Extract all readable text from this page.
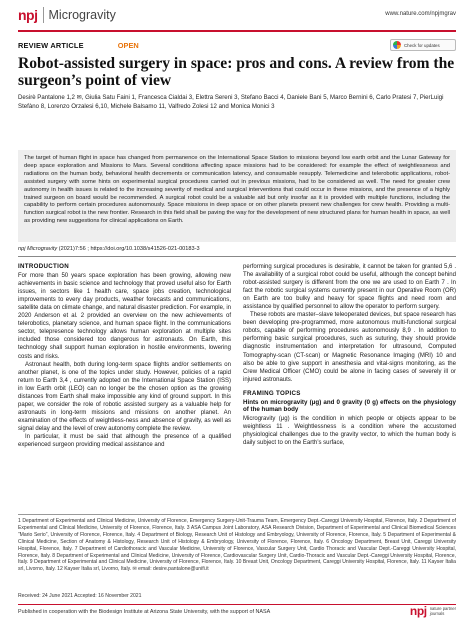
npj Microgravity	www.nature.com/npjmgrav
REVIEW ARTICLE	OPEN	Check for updates
Robot-assisted surgery in space: pros and cons. A review from the surgeon’s point of view
Desirè Pantalone 1,2 ✉, Giulia Satu Faini 1, Francesca Cialdai 3, Elettra Sereni 3, Stefano Bacci 4, Daniele Bani 5, Marco Bernini 6, Carlo Pratesi 7, PierLuigi Stefàno 8, Lorenzo Orzalesi 6,10, Michele Balsamo 11, Valfredo Zolesi 12 and Monica Monici 3

The target of human flight in space has changed from permanence on the International Space Station to missions beyond low earth orbit and the Lunar Gateway for deep space exploration and Missions to Mars. Several conditions affecting space missions had to be considered: for example the effect of weightlessness and radiations on the human body, behavioral health decrements or communication latency, and consumable resupply. Telemedicine and telerobotic applications, robot-assisted surgery with some hints on experimental surgical procedures carried out in previous missions, had to be considered as well. The need for greater crew autonomy in health issues is related to the increasing severity of medical and surgical interventions that could occur in these missions, and the presence of a highly trained surgeon on board would be recommended. A surgical robot could be a valuable aid but only insofar as it is provided with multiple functions, including the capability to perform certain procedures autonomously. Space missions in deep space or on other planets present new challenges for crew health. Providing a multi-function surgical robot is the new frontier. Research in this field shall be paving the way for the development of new structured plans for human health in space, as well as providing new suggestions for clinical applications on Earth.

npj Microgravity (2021)7:56 ; https://doi.org/10.1038/s41526-021-00183-3
INTRODUCTION

For more than 50 years space exploration has been growing, allowing new achievements in basic science and technology that proved useful also for Earth issues, in sectors like 1 health care, space jobs creation, technological improvements to every day products, weather forecasts and communications, satellite data on climate change, and natural disaster prediction. For example, in 2020 Anderson et al. 2 provided an overview on the new achievements of telerobotics, planetary science, and human space flight. In the communications sector, telepresence technology allows human exploration at multiple sites included those considered too dangerous for astronauts. On Earth, this technology shall support human exploration in hostile environments, lowering costs and risks.

Astronaut health, both during long-term space flights and/or settlements on another planet, is one of the topics under study. However, policies of a rapid return to Earth 3,4 , currently adopted on the International Space Station (ISS) in low Earth orbit (LEO) can no longer be the chosen option as the growing distances from Earth shall make impossible any kind of ground support. In this paper, we consider the role of robotic assisted surgery as a valuable help for astronauts in long-term missions and missions on another planet. An examination of the effects of weightless-ness and absence of gravity, as well as signal delay and the level of crew autonomy complete the review.

In particular, it must be said that although the presence of a qualified experienced surgeon providing medical assistance and

performing surgical procedures is desirable, it cannot be taken for granted 5,6 . The availability of a surgical robot could be useful, although the concept behind robot-assisted surgery is different from the one we are used to on Earth 7 . In fact the robotic surgical systems currently present in our Operative Room (OR) on Earth are too bulky and heavy for space flights and need room and assistance by qualified personnel to allow the operator to perform surgery.

These robots are master–slave teleoperated devices, but space research has been developing pre-programmed, more autonomous multi-functional surgical robots, capable of performing procedures autonomously 8,9 . In addition to performing basic surgical procedures, such as suturing, they should provide diagnostic instrumentation and interpretation for ultrasound, Computed Tomography-scan (CT-scan) or Magnetic Resonance Imaging (MRI) 10 and also be able to give support in anesthesia and vital-signs monitoring, as the Crew Medical Officer (CMO) could be alone in facing cases of severely ill or injured astronauts.

FRAMING TOPICS
Hints on microgravity (μg) and 0 gravity (0 g) effects on the physiology of the human body

Microgravity (μg) is the condition in which people or objects appear to be weightless 11 . Weightlessness is a condition where the accustomed physiological challenges due to the gravity vector, to which the human body is daily subject to on the Earth’s surface,

1 Department of Experimental and Clinical Medicine, University of Florence, Emergency Surgery-Unit-Trauma Team, Emergency Dept.-Careggi University Hospital, Florence, Italy. 2 Department of Experimental and Clinical Medicine, University of Florence, Florence, Italy. 3 ASA Campus Joint Laboratory, ASA Research Division, Department of Experimental and Clinical Biomedical Sciences “Mario Serio”, University of Florence, Florence, Italy. 4 Department of Biology, Research Unit of Histology and Embryology, University of Florence, Florence, Italy. 5 Department of Experimental & Clinical Medicine, Section of Anatomy & Histology, Research Unit of Histology & Embryology, University of Florence, Florence, Italy. 6 Oncology Department, Breast Unit, Careggi University Hospital, Florence, Italy. 7 Department of Cardiothoracic and Vascular Medicine, University of Florence, Vascular Surgery Unit, Cardio Thoracic and Vascular Dept.-Careggi University Hospital, Florence, Italy. 8 Department of Experimental and Clinical Medicine, University of Florence, Cardiovascular Surgery Unit, Cardio-Thoracic and Vascular Dept.-Careggi University Hospital, Florence, Italy. 9 Department of Experimental and Clinical Medicine, University of Florence, Florence, Italy. 10 Breast Unit, Oncology Department, Careggi University Hospital, Florence, Italy. 11 Kayser Italia srl, Livorno, Italy. 12 Kayser Italia srl, Livorno, Italy. ✉ email: desire.pantalone@unifi.it
Received: 24 June 2021 Accepted: 16 November 2021
Published in cooperation with the Biodesign Institute at Arizona State University, with the support of NASA	npj nature partner
journals
